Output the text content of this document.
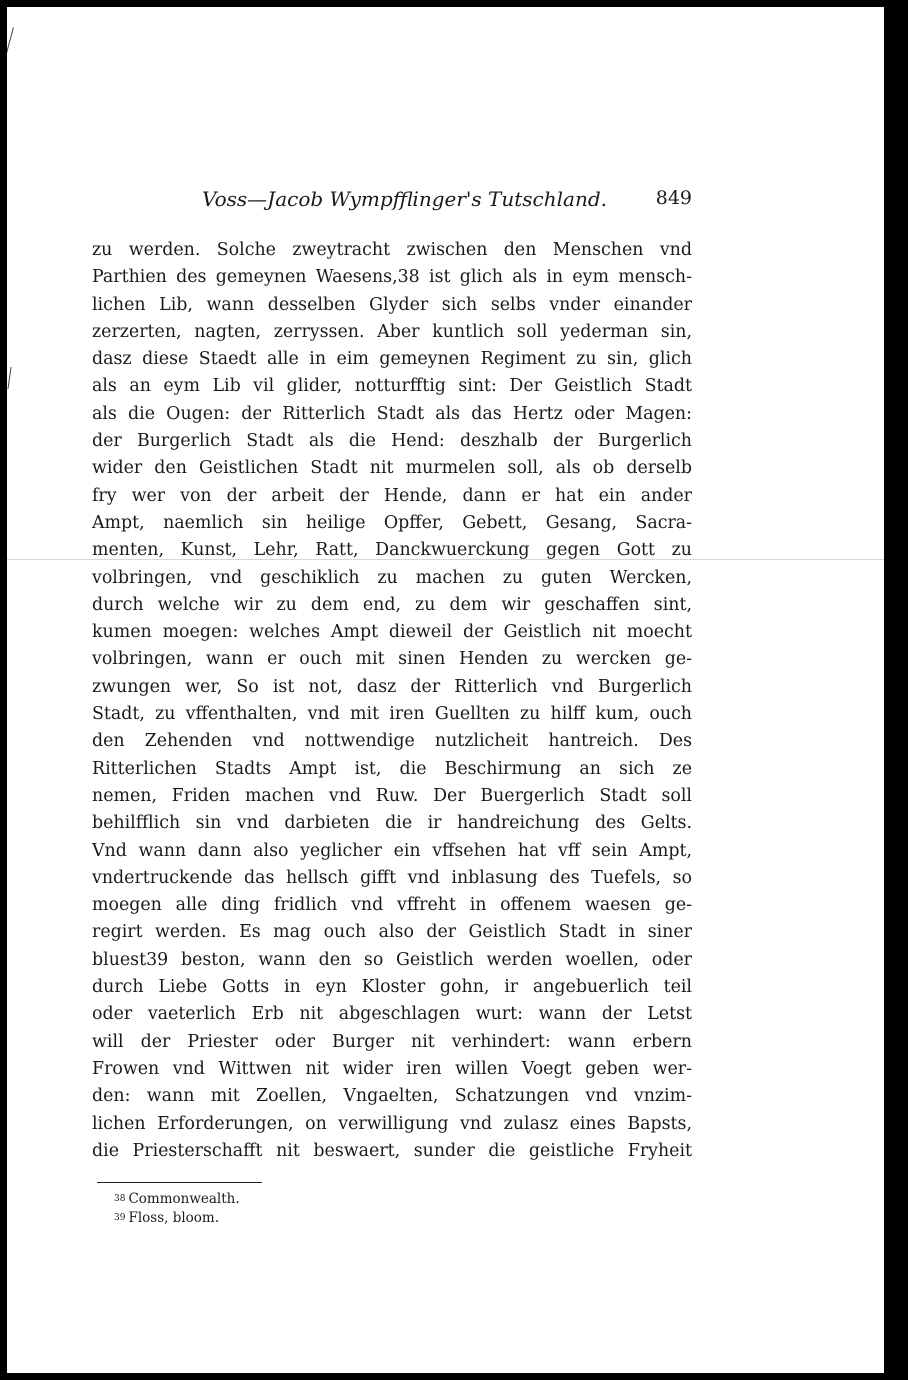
Voss—Jacob Wympfflinger's Tutschland.	849
zu werden. Solche zweytracht zwischen den Menschen vnd
Parthien des gemeynen Waesens,38 ist glich als in eym mensch-
lichen Lib, wann desselben Glyder sich selbs vnder einander
zerzerten, nagten, zerryssen. Aber kuntlich soll yederman sin,
dasz diese Staedt alle in eim gemeynen Regiment zu sin, glich
als an eym Lib vil glider, notturfftig sint: Der Geistlich Stadt
als die Ougen: der Ritterlich Stadt als das Hertz oder Magen:
der Burgerlich Stadt als die Hend: deszhalb der Burgerlich
wider den Geistlichen Stadt nit murmelen soll, als ob derselb
fry wer von der arbeit der Hende, dann er hat ein ander
Ampt, naemlich sin heilige Opffer, Gebett, Gesang, Sacra-
menten, Kunst, Lehr, Ratt, Danckwuerckung gegen Gott zu
volbringen, vnd geschiklich zu machen zu guten Wercken,
durch welche wir zu dem end, zu dem wir geschaffen sint,
kumen moegen: welches Ampt dieweil der Geistlich nit moecht
volbringen, wann er ouch mit sinen Henden zu wercken ge-
zwungen wer, So ist not, dasz der Ritterlich vnd Burgerlich
Stadt, zu vffenthalten, vnd mit iren Guellten zu hilff kum, ouch
den Zehenden vnd nottwendige nutzlicheit hantreich. Des
Ritterlichen Stadts Ampt ist, die Beschirmung an sich ze
nemen, Friden machen vnd Ruw. Der Buergerlich Stadt soll
behilfflich sin vnd darbieten die ir handreichung des Gelts.
Vnd wann dann also yeglicher ein vffsehen hat vff sein Ampt,
vndertruckende das hellsch gifft vnd inblasung des Tuefels, so
moegen alle ding fridlich vnd vffreht in offenem waesen ge-
regirt werden. Es mag ouch also der Geistlich Stadt in siner
bluest39 beston, wann den so Geistlich werden woellen, oder
durch Liebe Gotts in eyn Kloster gohn, ir angebuerlich teil
oder vaeterlich Erb nit abgeschlagen wurt: wann der Letst
will der Priester oder Burger nit verhindert: wann erbern
Frowen vnd Wittwen nit wider iren willen Voegt geben wer-
den: wann mit Zoellen, Vngaelten, Schatzungen vnd vnzim-
lichen Erforderungen, on verwilligung vnd zulasz eines Bapsts,
die Priesterschafft nit beswaert, sunder die geistliche Fryheit
38 Commonwealth.
39 Floss, bloom.
